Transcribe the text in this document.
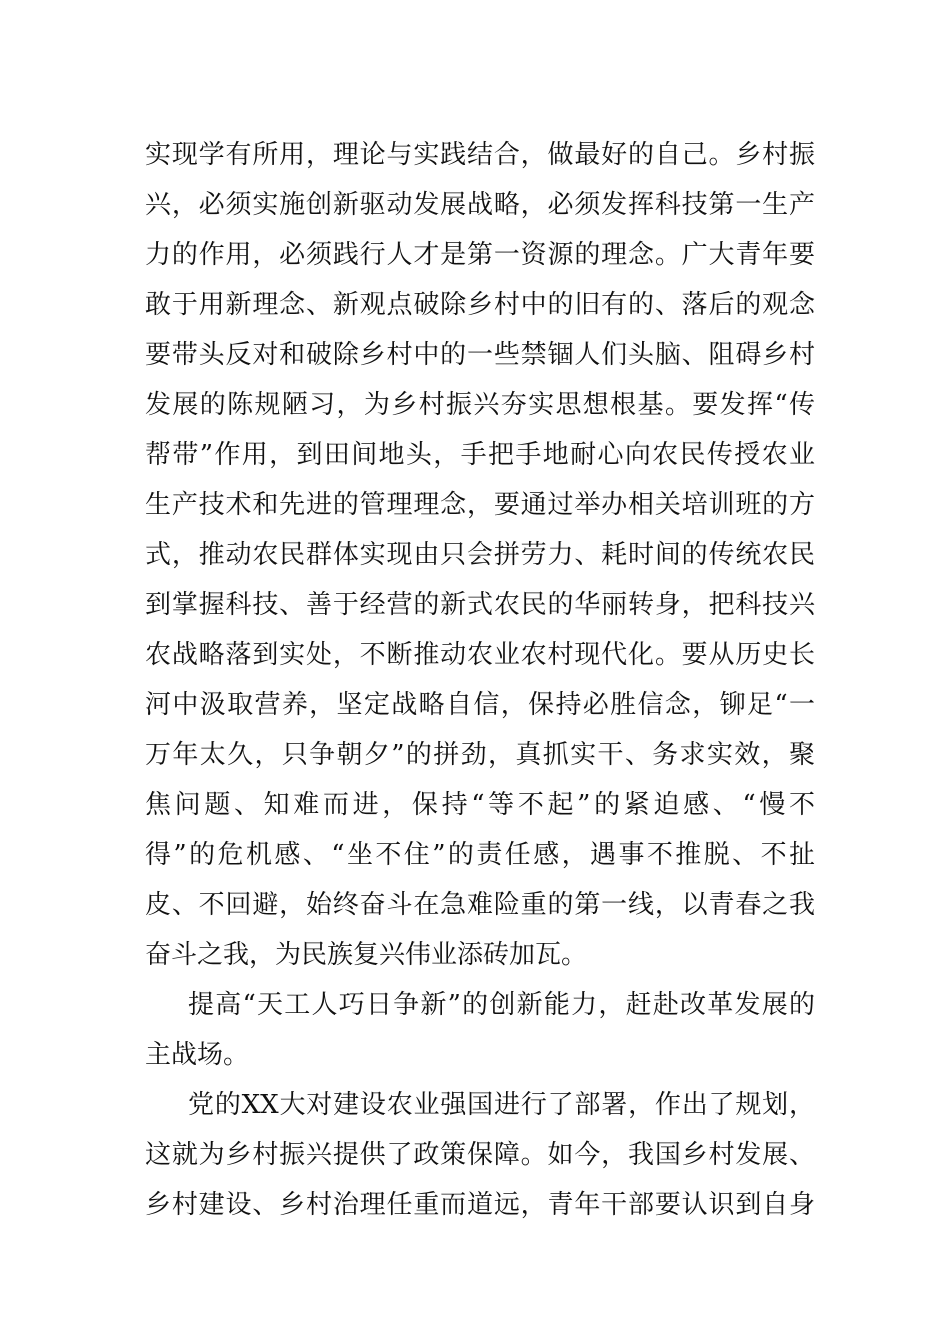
实现学有所用，理论与实践结合，做最好的自己。乡村振
兴，必须实施创新驱动发展战略，必须发挥科技第一生产
力的作用，必须践行人才是第一资源的理念。广大青年要
敢于用新理念、新观点破除乡村中的旧有的、落后的观念
要带头反对和破除乡村中的一些禁锢人们头脑、阻碍乡村
发展的陈规陋习，为乡村振兴夯实思想根基。要发挥“传
帮带”作用，到田间地头，手把手地耐心向农民传授农业
生产技术和先进的管理理念，要通过举办相关培训班的方
式，推动农民群体实现由只会拼劳力、耗时间的传统农民
到掌握科技、善于经营的新式农民的华丽转身，把科技兴
农战略落到实处，不断推动农业农村现代化。要从历史长
河中汲取营养，坚定战略自信，保持必胜信念，铆足“一
万年太久，只争朝夕”的拼劲，真抓实干、务求实效，聚
焦问题、知难而进，保持“等不起”的紧迫感、“慢不
得”的危机感、“坐不住”的责任感，遇事不推脱、不扯
皮、不回避，始终奋斗在急难险重的第一线，以青春之我
奋斗之我，为民族复兴伟业添砖加瓦。
提高“天工人巧日争新”的创新能力，赶赴改革发展的
主战场。
党的XX大对建设农业强国进行了部署，作出了规划，
这就为乡村振兴提供了政策保障。如今，我国乡村发展、
乡村建设、乡村治理任重而道远，青年干部要认识到自身
